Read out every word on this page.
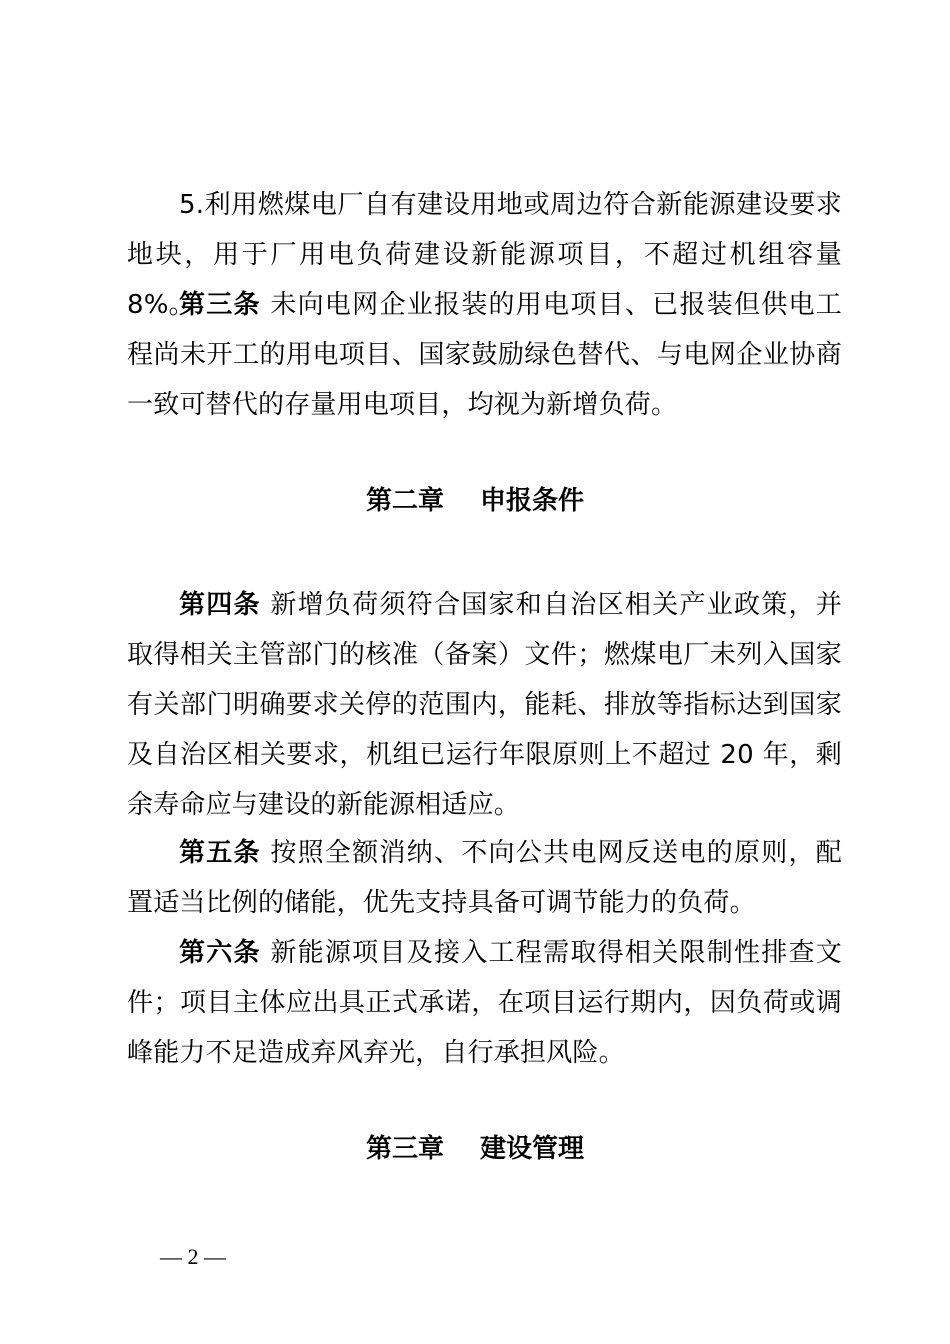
5.利用燃煤电厂自有建设用地或周边符合新能源建设要求地块，用于厂用电负荷建设新能源项目，不超过机组容量 8%。

第三条 未向电网企业报装的用电项目、已报装但供电工程尚未开工的用电项目、国家鼓励绿色替代、与电网企业协商一致可替代的存量用电项目，均视为新增负荷。

第二章 申报条件

第四条 新增负荷须符合国家和自治区相关产业政策，并取得相关主管部门的核准（备案）文件；燃煤电厂未列入国家有关部门明确要求关停的范围内，能耗、排放等指标达到国家及自治区相关要求，机组已运行年限原则上不超过 20 年，剩余寿命应与建设的新能源相适应。

第五条 按照全额消纳、不向公共电网反送电的原则，配置适当比例的储能，优先支持具备可调节能力的负荷。

第六条 新能源项目及接入工程需取得相关限制性排查文件；项目主体应出具正式承诺，在项目运行期内，因负荷或调峰能力不足造成弃风弃光，自行承担风险。

第三章 建设管理
— 2 —
